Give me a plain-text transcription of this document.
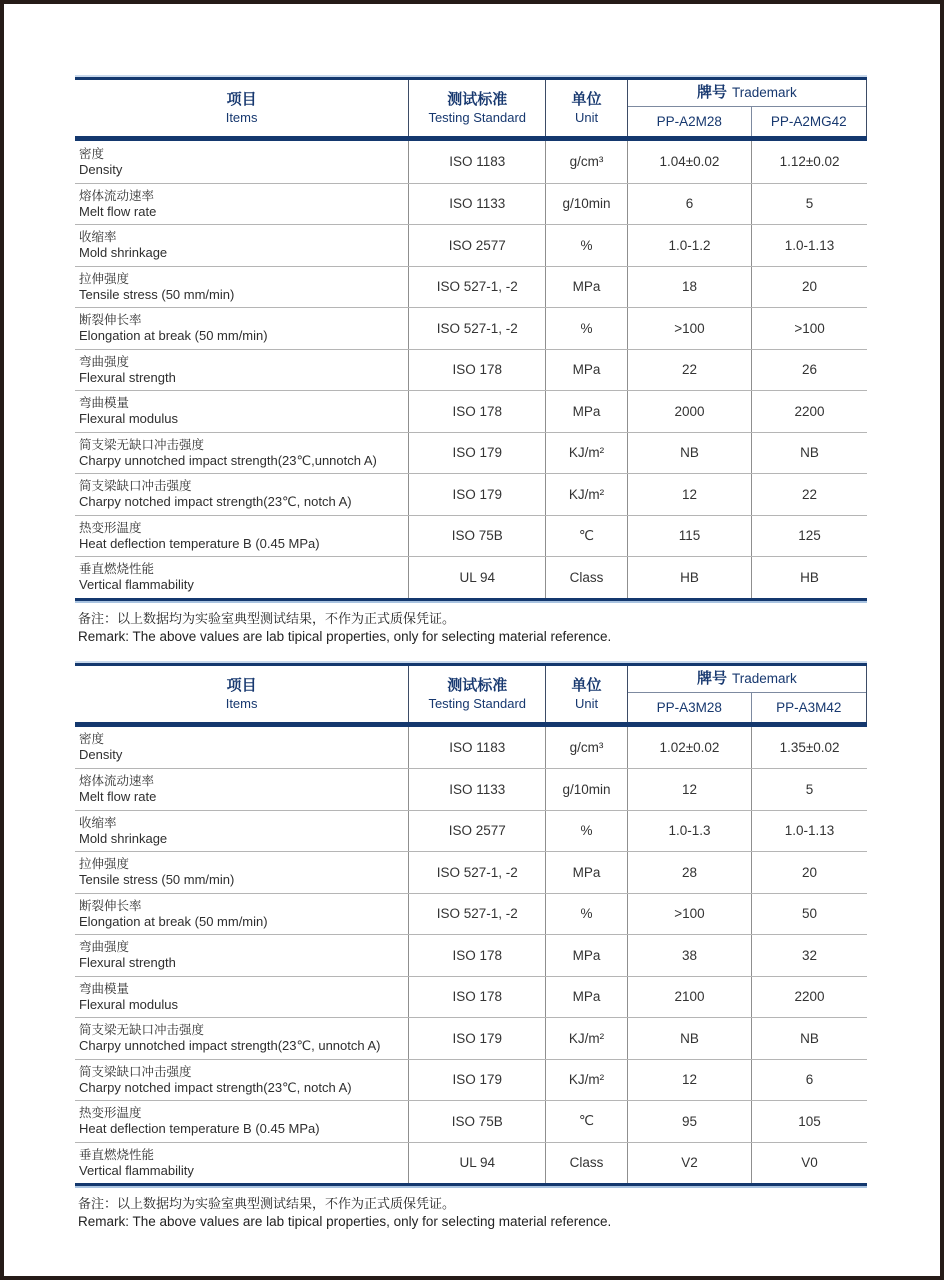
项目
Items
测试标准
Testing Standard
单位
Unit
牌号 Trademark
PP-A2M28	PP-A2MG42
密度
Density	ISO 1183	g/cm³	1.04±0.02	1.12±0.02
熔体流动速率
Melt flow rate	ISO 1133	g/10min	6	5
收缩率
Mold shrinkage	ISO 2577	%	1.0-1.2	1.0-1.13
拉伸强度
Tensile stress (50 mm/min)	ISO 527-1, -2	MPa	18	20
断裂伸长率
Elongation at break (50 mm/min)	ISO 527-1, -2	%	>100	>100
弯曲强度
Flexural strength	ISO 178	MPa	22	26
弯曲模量
Flexural modulus	ISO 178	MPa	2000	2200
简支梁无缺口冲击强度
Charpy unnotched impact strength(23℃,unnotch A)	ISO 179	KJ/m²	NB	NB
简支梁缺口冲击强度
Charpy notched impact strength(23℃, notch A)	ISO 179	KJ/m²	12	22
热变形温度
Heat deflection temperature B (0.45 MPa)	ISO 75B	℃	115	125
垂直燃烧性能
Vertical flammability	UL 94	Class	HB	HB
备注：以上数据均为实验室典型测试结果，不作为正式质保凭证。
Remark: The above values are lab tipical properties, only for selecting material reference.
项目
Items
测试标准
Testing Standard
单位
Unit
牌号 Trademark
PP-A3M28	PP-A3M42
密度
Density	ISO 1183	g/cm³	1.02±0.02	1.35±0.02
熔体流动速率
Melt flow rate	ISO 1133	g/10min	12	5
收缩率
Mold shrinkage	ISO 2577	%	1.0-1.3	1.0-1.13
拉伸强度
Tensile stress (50 mm/min)	ISO 527-1, -2	MPa	28	20
断裂伸长率
Elongation at break (50 mm/min)	ISO 527-1, -2	%	>100	50
弯曲强度
Flexural strength	ISO 178	MPa	38	32
弯曲模量
Flexural modulus	ISO 178	MPa	2100	2200
简支梁无缺口冲击强度
Charpy unnotched impact strength(23℃, unnotch A)	ISO 179	KJ/m²	NB	NB
简支梁缺口冲击强度
Charpy notched impact strength(23℃, notch A)	ISO 179	KJ/m²	12	6
热变形温度
Heat deflection temperature B (0.45 MPa)	ISO 75B	℃	95	105
垂直燃烧性能
Vertical flammability	UL 94	Class	V2	V0
备注：以上数据均为实验室典型测试结果，不作为正式质保凭证。
Remark: The above values are lab tipical properties, only for selecting material reference.
